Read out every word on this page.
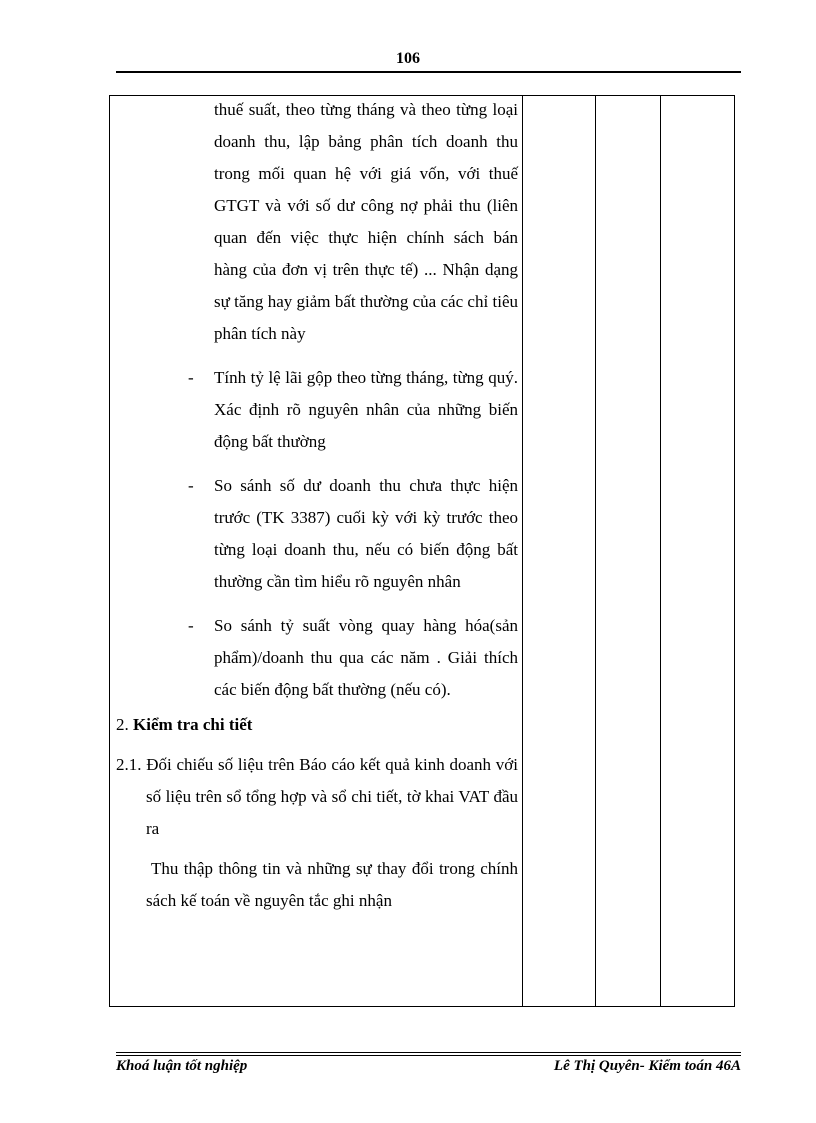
106

thuế suất, theo từng tháng và theo từng loại doanh thu, lập bảng phân tích doanh thu trong mối quan hệ với giá vốn, với thuế GTGT và với số dư công nợ phải thu (liên quan đến việc thực hiện chính sách bán hàng của đơn vị trên thực tế) ... Nhận dạng sự tăng hay giảm bất thường của các chỉ tiêu phân tích này

- Tính tỷ lệ lãi gộp theo từng tháng, từng quý. Xác định rõ nguyên nhân của những biến động bất thường
- So sánh số dư doanh thu chưa thực hiện trước (TK 3387) cuối kỳ với kỳ trước theo từng loại doanh thu, nếu có biến động bất thường cần tìm hiểu rõ nguyên nhân
- So sánh tỷ suất vòng quay hàng hóa(sản phẩm)/doanh thu qua các năm . Giải thích các biến động bất thường (nếu có).
2. Kiểm tra chi tiết

2.1. Đối chiếu số liệu trên Báo cáo kết quả kinh doanh với số liệu trên sổ tổng hợp và sổ chi tiết, tờ khai VAT đầu ra

Thu thập thông tin và những sự thay đổi trong chính sách kế toán về nguyên tắc ghi nhận

Khoá luận tốt nghiệp	Lê Thị Quyên- Kiểm toán 46A
